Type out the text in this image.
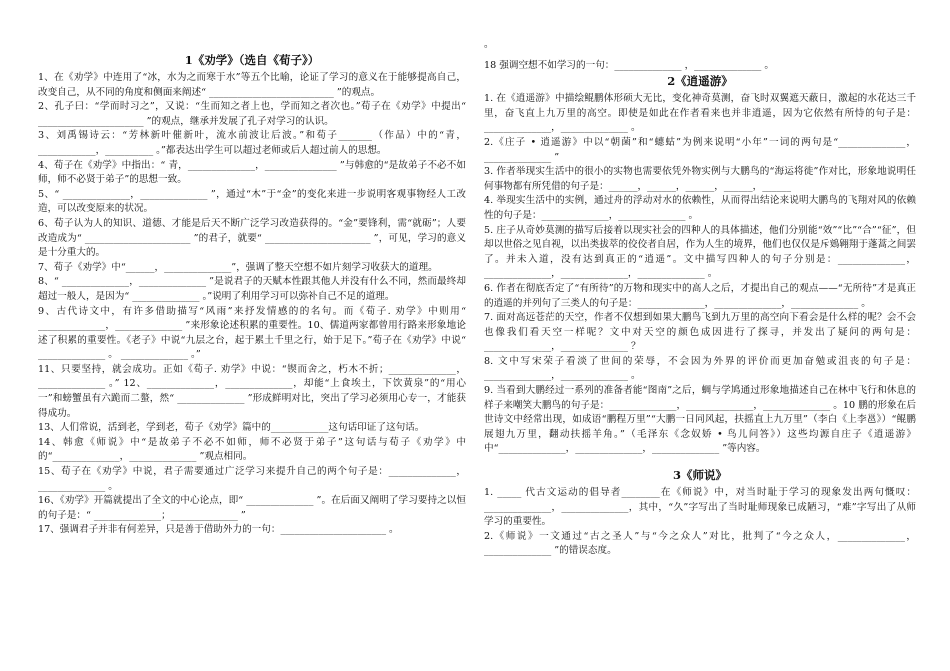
1《劝学》（选自《荀子》）

1、在《劝学》中连用了“冰，水为之而寒于水”等五个比喻，论证了学习的意义在于能够提高自己，改变自己，从不同的角度和侧面来阐述“ __________________________ ”的观点。

2、孔子曰：“学而时习之”，又说：“生而知之者上也，学而知之者次也。”荀子在《劝学》中提出“ ______________________ ”的观点，继承并发展了孔子对学习的认识。

3、刘禹锡诗云：“芳林新叶催新叶，流水前波让后波。”和荀子_______（作品）中的“青，____________，__________ 。”都表达出学生可以超过老师或后人超过前人的思想。

4、荀子在《劝学》中指出：“ 青，______________，_______________ ”与韩愈的“是故弟子不必不如师，师不必贤于弟子”的思想一致。

5、“ ______________，______________ ”，通过“木”于“金”的变化来进一步说明客观事物经人工改造，可以改变原来的状况。

6、荀子认为人的知识、道德、才能是后天不断广泛学习改造获得的。“金”要锋利，需“就砺”；人要改造成为“ ______________________ ”的君子，就要“ ______________________ ”，可见，学习的意义是十分重大的。

7、荀子《劝学》中“______，______________”，强调了整天空想不如片刻学习收获大的道理。

8、“ ______________，______________ ”是说君子的天赋本性跟其他人并没有什么不同，然而最终却超过一般人，是因为“ ______________ 。”说明了利用学习可以弥补自己不足的道理。

9、古代诗文中，有许多借助描写“风雨”来抒发情感的的名句。而《荀子. 劝学》中则用“ ______________，______________ ”来形象论述积累的重要性。10、儒道两家都曾用行路来形象地论述了积累的重要性。《老子》中说“九层之台，起于累土千里之行，始于足下。”荀子在《劝学》中说“ ______________ 。 ______________ 。”

11、只要坚持，就会成功。正如《荀子. 劝学》中说：“锲而舍之，朽木不折；______________，______________ 。” 12、______________，______________，却能“上食埃土，下饮黄泉”的“用心一”和螃蟹虽有六跪而二螯，然“ ______________ ”形成鲜明对比，突出了学习必须用心专一，才能获得成功。

13、人们常说，活到老，学到老，荀子《劝学》篇中的____________这句话印证了这句话。

14、韩愈《师说》中“是故弟子不必不如师，师不必贤于弟子”这句话与荀子《劝学》中的“______________，______________ ”观点相同。

15、荀子在《劝学》中说，君子需要通过广泛学习来提升自己的两个句子是：______________，______________ 。

16、《劝学》开篇就提出了全文的中心论点，即“ ______________ ”。在后面又阐明了学习要持之以恒的句子是：“ ______________；______________ ”

17、强调君子并非有何差异，只是善于借助外力的一句：______________________ 。

。

18 强调空想不如学习的一句：______________ ，______________ 。

2《逍遥游》

1. 在《逍遥游》中描绘鲲鹏体形硕大无比，变化神奇莫测，奋飞时双翼遮天蔽日，激起的水花达三千里，奋飞直上九万里的高空。即使是如此在作者看来也并非逍遥，因为它依然有所恃的句子是：______________，______________ 。

2.《庄子 • 逍遥游》中以“朝菌”和“蟪蛄”为例来说明“小年”一词的两句是“______________，______________ ”

3. 作者举现实生活中的很小的实物也需要依凭外物实例与大鹏鸟的“海运将徙”作对比，形象地说明任何事物都有所凭借的句子是：______，______，______，______，______

4. 举现实生活中的实例，通过舟的浮动对水的依赖性，从而得出结论来说明大鹏鸟的飞翔对风的依赖性的句子是：______________，______________ 。

5. 庄子从奇妙莫测的描写后接着以现实社会的四种人的具体描述，他们分别能“效”“比”“合”“征”，但却以世俗之见自视，以出类拔萃的佼佼者自居，作为人生的境界，他们也仅仅是斥鴳翱翔于蓬蒿之间罢了。并未入道，没有达到真正的“逍遥”。文中描写四种人的句子分别是：______________，______________，______________，______________ 。

6. 作者在彻底否定了“有所待”的万物和现实中的高人之后，才提出自己的观点——“无所待”才是真正的逍遥的并列句了三类人的句子是：______________，______________，______________ 。

7. 面对高远苍茫的天空，作者不仅想到如果大鹏鸟飞到九万里的高空向下看会是什么样的呢？会不会也像我们看天空一样呢？文中对天空的颜色成因进行了探寻，并发出了疑问的两句是：______________，______________ ？

8. 文中写宋荣子看淡了世间的荣辱，不会因为外界的评价而更加奋勉或沮丧的句子是：______________，______________ 。

9. 当看到大鹏经过一系列的准备者能“图南”之后，蜩与学鸠通过形象地描述自己在林中飞行和休息的样子来嘲笑大鹏鸟的句子是：______________，______________，______________ 。10 鹏的形象在后世诗文中经常出现，如成语“鹏程万里”“大鹏一日同风起，扶摇直上九万里”（李白《上李邕》）“鲲鹏展翅九万里，翻动扶摇羊角。”（毛泽东《念奴娇 • 鸟儿问答》）这些均源自庄子《逍遥游》中“______________，______________，______________ ”等内容。

3《师说》

1. _____ 代古文运动的倡导者________在《师说》中，对当时耻于学习的现象发出两句慨叹：______________，______________，其中，“久”字写出了当时耻师现象已成陋习，“难”字写出了从师学习的重要性。

2.《师说》一文通过“古之圣人”与“今之众人”对比，批判了“今之众人，______________，______________ ”的错误态度。
